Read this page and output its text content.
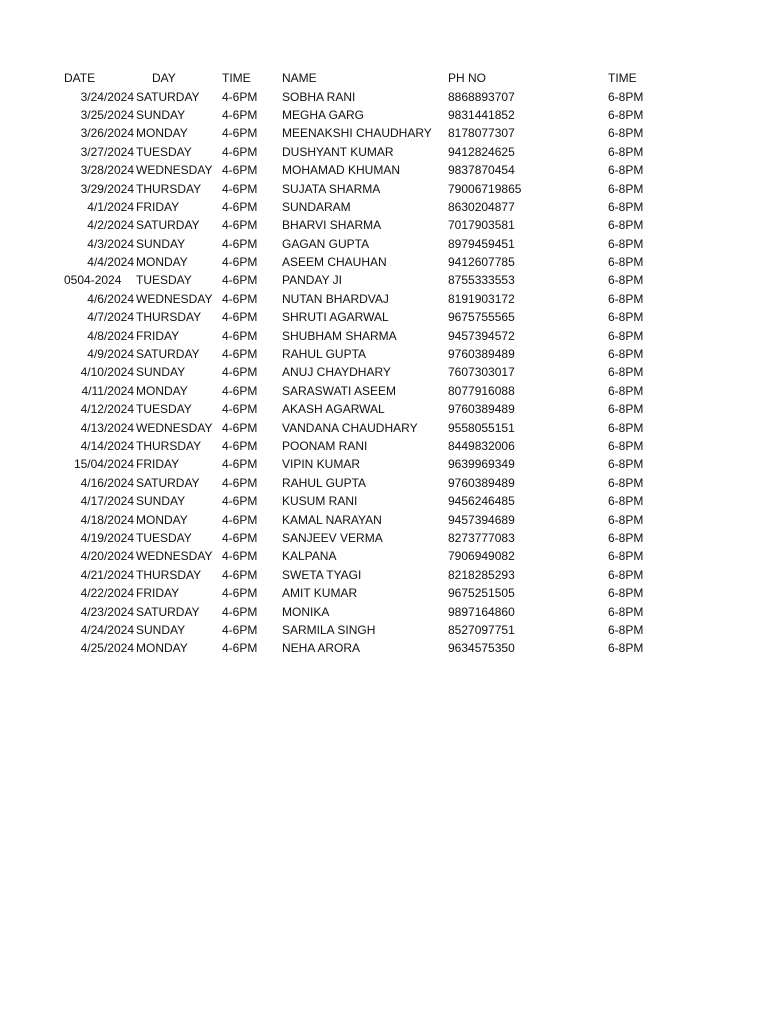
DATE	DAY	TIME	NAME	PH NO	TIME
3/24/2024	SATURDAY	4-6PM	SOBHA RANI	8868893707	6-8PM
3/25/2024	SUNDAY	4-6PM	MEGHA GARG	9831441852	6-8PM
3/26/2024	MONDAY	4-6PM	MEENAKSHI CHAUDHARY	8178077307	6-8PM
3/27/2024	TUESDAY	4-6PM	DUSHYANT KUMAR	9412824625	6-8PM
3/28/2024	WEDNESDAY	4-6PM	MOHAMAD KHUMAN	9837870454	6-8PM
3/29/2024	THURSDAY	4-6PM	SUJATA SHARMA	79006719865	6-8PM
4/1/2024	FRIDAY	4-6PM	SUNDARAM	8630204877	6-8PM
4/2/2024	SATURDAY	4-6PM	BHARVI SHARMA	7017903581	6-8PM
4/3/2024	SUNDAY	4-6PM	GAGAN GUPTA	8979459451	6-8PM
4/4/2024	MONDAY	4-6PM	ASEEM CHAUHAN	9412607785	6-8PM
0504-2024	TUESDAY	4-6PM	PANDAY JI	8755333553	6-8PM
4/6/2024	WEDNESDAY	4-6PM	NUTAN BHARDVAJ	8191903172	6-8PM
4/7/2024	THURSDAY	4-6PM	SHRUTI AGARWAL	9675755565	6-8PM
4/8/2024	FRIDAY	4-6PM	SHUBHAM SHARMA	9457394572	6-8PM
4/9/2024	SATURDAY	4-6PM	RAHUL GUPTA	9760389489	6-8PM
4/10/2024	SUNDAY	4-6PM	ANUJ CHAYDHARY	7607303017	6-8PM
4/11/2024	MONDAY	4-6PM	SARASWATI ASEEM	8077916088	6-8PM
4/12/2024	TUESDAY	4-6PM	AKASH AGARWAL	9760389489	6-8PM
4/13/2024	WEDNESDAY	4-6PM	VANDANA CHAUDHARY	9558055151	6-8PM
4/14/2024	THURSDAY	4-6PM	POONAM RANI	8449832006	6-8PM
15/04/2024	FRIDAY	4-6PM	VIPIN KUMAR	9639969349	6-8PM
4/16/2024	SATURDAY	4-6PM	RAHUL GUPTA	9760389489	6-8PM
4/17/2024	SUNDAY	4-6PM	KUSUM RANI	9456246485	6-8PM
4/18/2024	MONDAY	4-6PM	KAMAL NARAYAN	9457394689	6-8PM
4/19/2024	TUESDAY	4-6PM	SANJEEV VERMA	8273777083	6-8PM
4/20/2024	WEDNESDAY	4-6PM	KALPANA	7906949082	6-8PM
4/21/2024	THURSDAY	4-6PM	SWETA TYAGI	8218285293	6-8PM
4/22/2024	FRIDAY	4-6PM	AMIT KUMAR	9675251505	6-8PM
4/23/2024	SATURDAY	4-6PM	MONIKA	9897164860	6-8PM
4/24/2024	SUNDAY	4-6PM	SARMILA SINGH	8527097751	6-8PM
4/25/2024	MONDAY	4-6PM	NEHA ARORA	9634575350	6-8PM
